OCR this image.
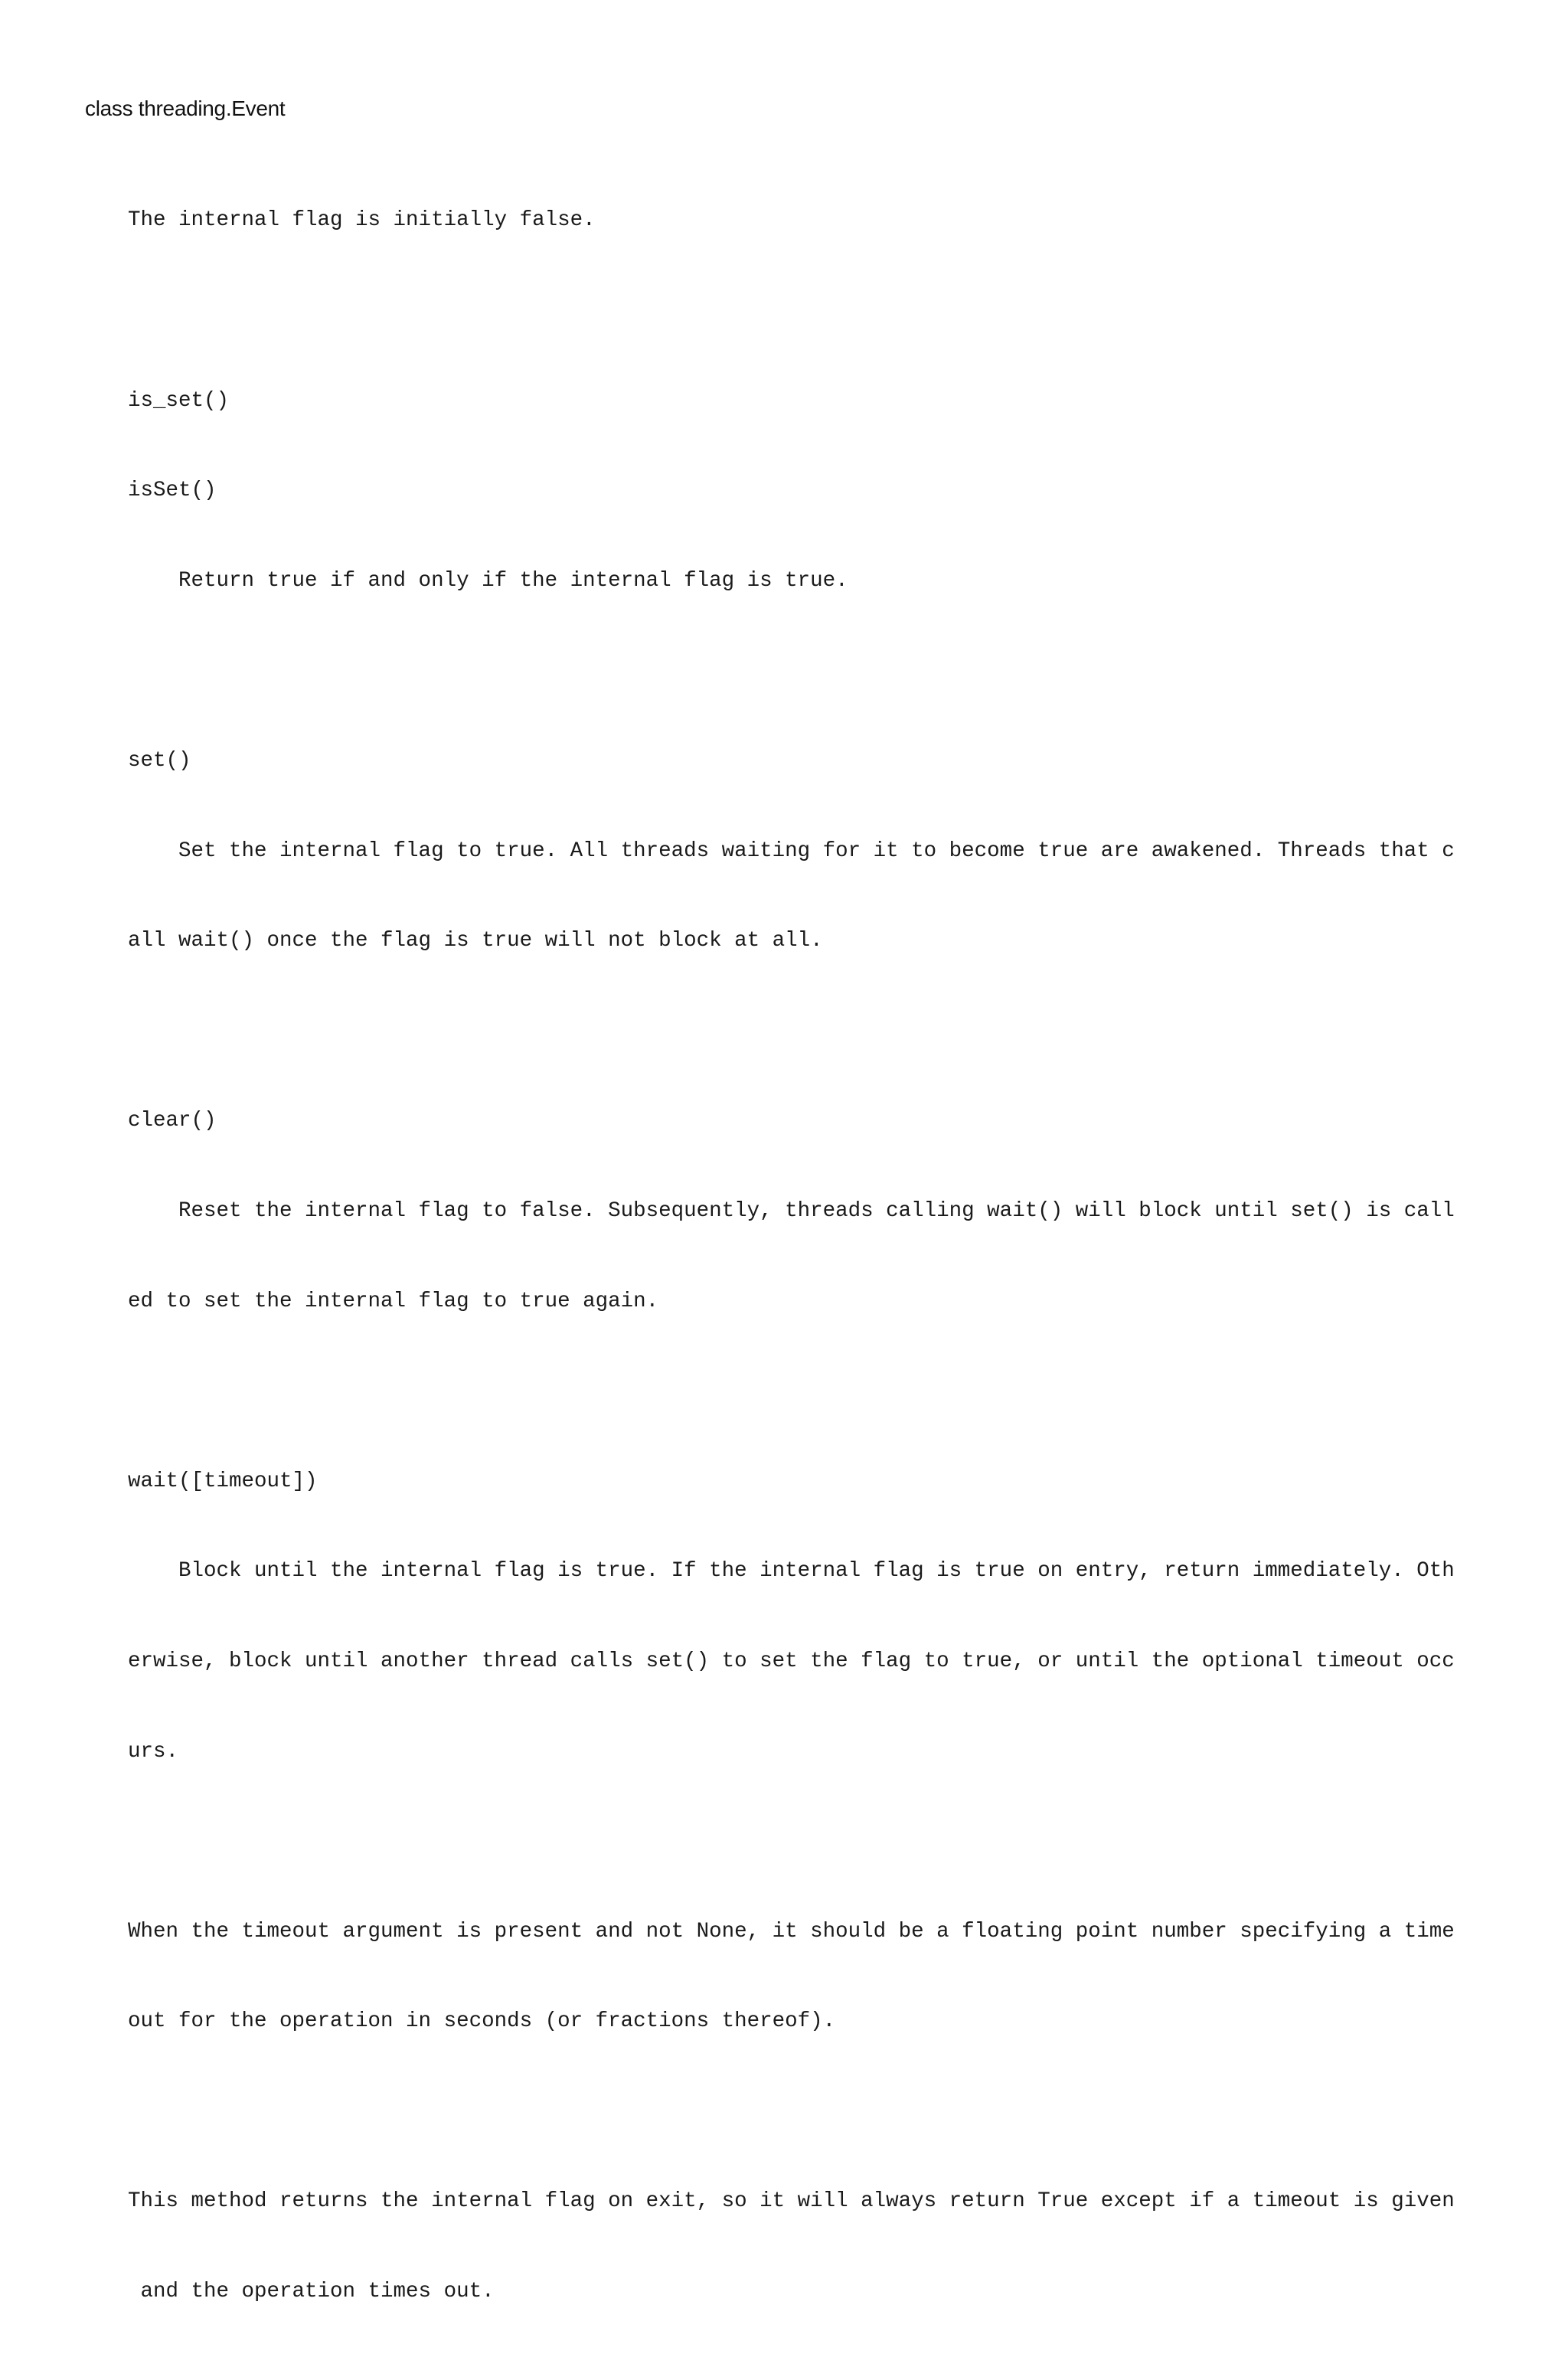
class threading.Event

The internal flag is initially false.

is_set()

isSet()

Return true if and only if the internal flag is true.

set()

Set the internal flag to true. All threads waiting for it to become true are awakened. Threads that c

all wait() once the flag is true will not block at all.

clear()

Reset the internal flag to false. Subsequently, threads calling wait() will block until set() is call

ed to set the internal flag to true again.

wait([timeout])

Block until the internal flag is true. If the internal flag is true on entry, return immediately. Oth

erwise, block until another thread calls set() to set the flag to true, or until the optional timeout occ

urs.

When the timeout argument is present and not None, it should be a floating point number specifying a time

out for the operation in seconds (or fractions thereof).

This method returns the internal flag on exit, so it will always return True except if a timeout is given

and the operation times out.
